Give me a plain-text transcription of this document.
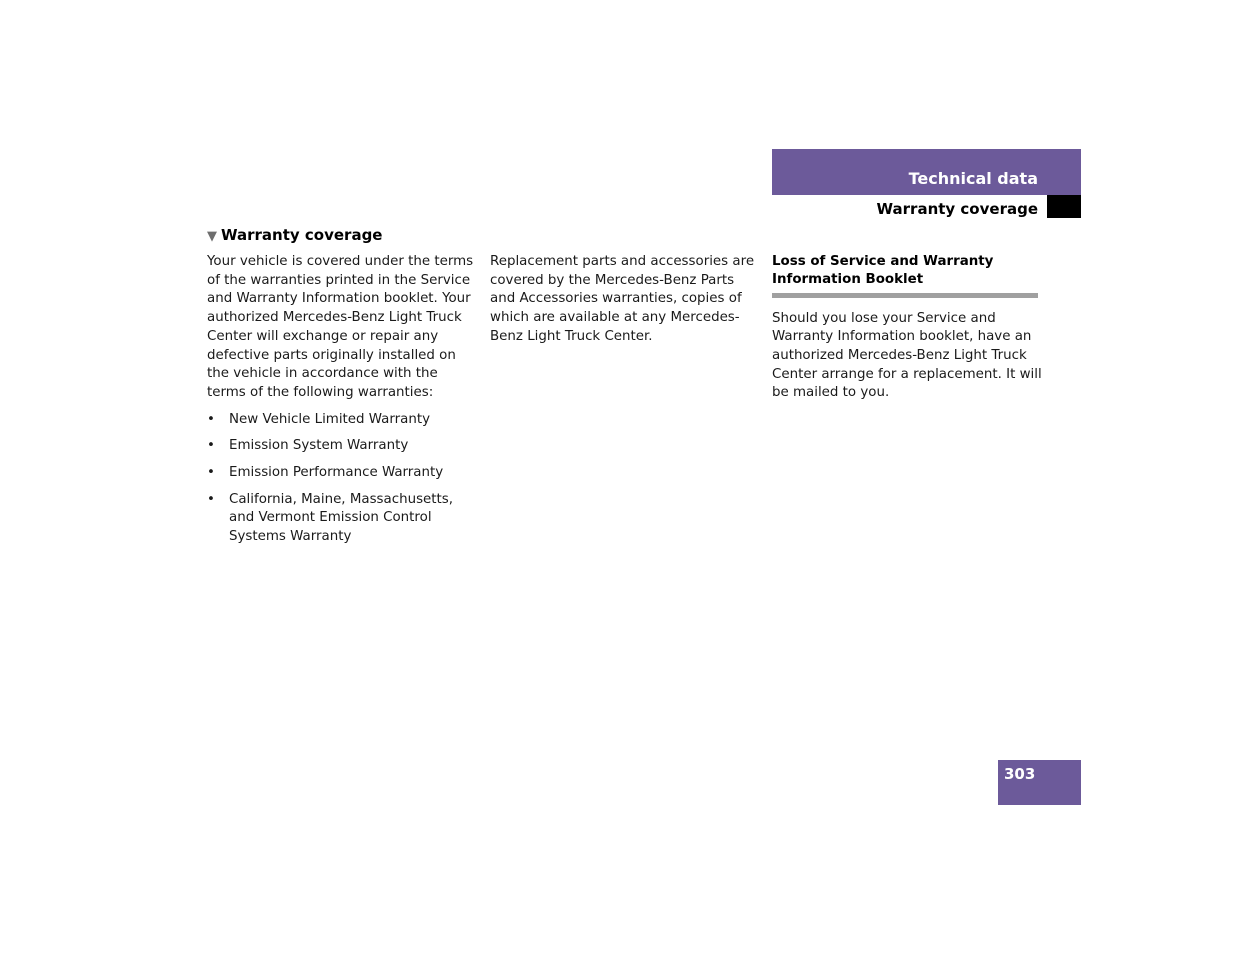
Technical data
Warranty coverage
▼ Warranty coverage

Your vehicle is covered under the terms of the warranties printed in the Service and Warranty Information booklet. Your authorized Mercedes-Benz Light Truck Center will exchange or repair any defective parts originally installed on the vehicle in accordance with the terms of the following warranties:

• New Vehicle Limited Warranty
• Emission System Warranty
• Emission Performance Warranty
• California, Maine, Massachusetts, and Vermont Emission Control Systems Warranty

Replacement parts and accessories are covered by the Mercedes-Benz Parts and Accessories warranties, copies of which are available at any Mercedes-Benz Light Truck Center.

Loss of Service and Warranty Information Booklet

Should you lose your Service and Warranty Information booklet, have an authorized Mercedes-Benz Light Truck Center arrange for a replacement. It will be mailed to you.

303
